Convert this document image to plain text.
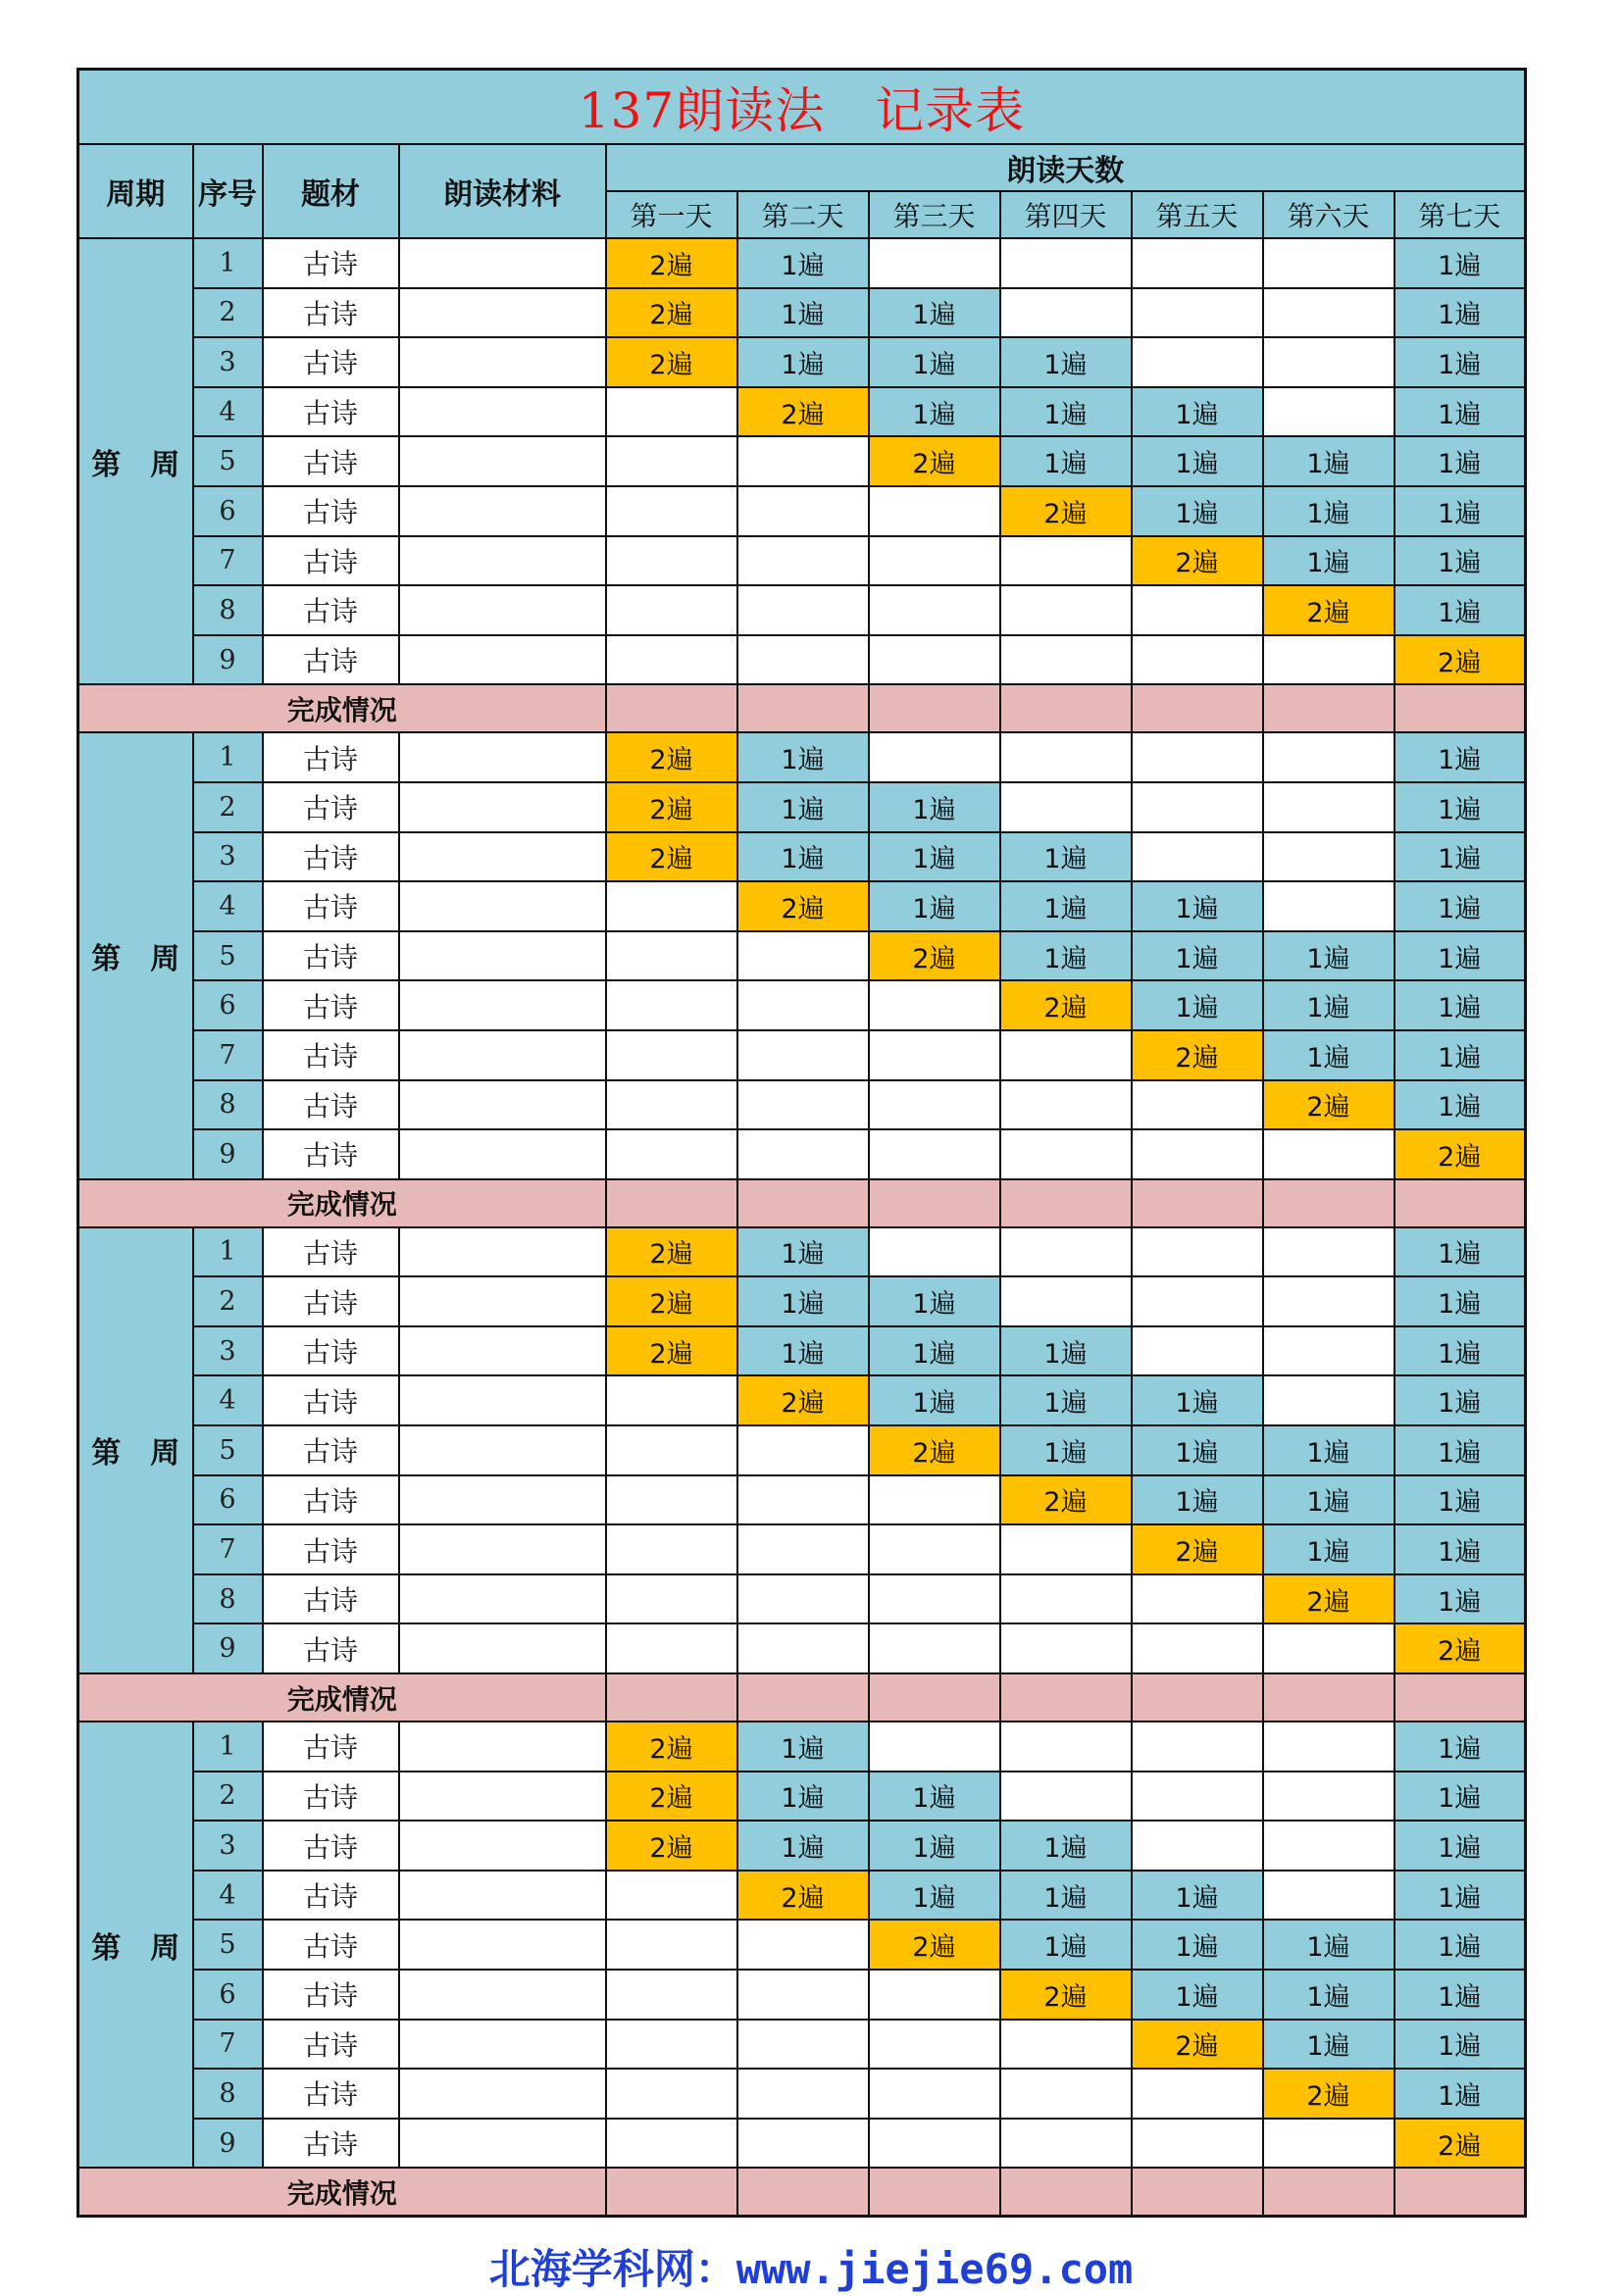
137朗读法　记录表										
周期	序号	题材	朗读材料	朗读天数						
				第一天	第二天	第三天	第四天	第五天	第六天	第七天
第　周	1	古诗		2遍	1遍					1遍
	2	古诗		2遍	1遍	1遍				1遍
	3	古诗		2遍	1遍	1遍	1遍			1遍
	4	古诗			2遍	1遍	1遍	1遍		1遍
	5	古诗				2遍	1遍	1遍	1遍	1遍
	6	古诗					2遍	1遍	1遍	1遍
	7	古诗						2遍	1遍	1遍
	8	古诗							2遍	1遍
	9	古诗								2遍
完成情况										
第　周	1	古诗		2遍	1遍					1遍
	2	古诗		2遍	1遍	1遍				1遍
	3	古诗		2遍	1遍	1遍	1遍			1遍
	4	古诗			2遍	1遍	1遍	1遍		1遍
	5	古诗				2遍	1遍	1遍	1遍	1遍
	6	古诗					2遍	1遍	1遍	1遍
	7	古诗						2遍	1遍	1遍
	8	古诗							2遍	1遍
	9	古诗								2遍
完成情况										
第　周	1	古诗		2遍	1遍					1遍
	2	古诗		2遍	1遍	1遍				1遍
	3	古诗		2遍	1遍	1遍	1遍			1遍
	4	古诗			2遍	1遍	1遍	1遍		1遍
	5	古诗				2遍	1遍	1遍	1遍	1遍
	6	古诗					2遍	1遍	1遍	1遍
	7	古诗						2遍	1遍	1遍
	8	古诗							2遍	1遍
	9	古诗								2遍
完成情况										
第　周	1	古诗		2遍	1遍					1遍
	2	古诗		2遍	1遍	1遍				1遍
	3	古诗		2遍	1遍	1遍	1遍			1遍
	4	古诗			2遍	1遍	1遍	1遍		1遍
	5	古诗				2遍	1遍	1遍	1遍	1遍
	6	古诗					2遍	1遍	1遍	1遍
	7	古诗						2遍	1遍	1遍
	8	古诗							2遍	1遍
	9	古诗								2遍
完成情况										
北海学科网：www.jiejie69.com
